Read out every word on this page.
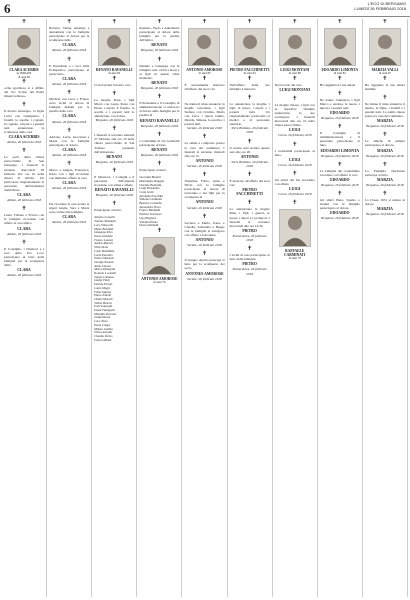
6	L'ECO DI BERGAMO
LUNEDÌ 26 FEBBRAIO 2018
✝
CLARA ACERBIS
in INDIANI
di anni 82
✝
«Che sgorbioso si è afflitto dal ciò: Scritto del Padre misericordioso»
✝
Il marito Giuseppe, la figlia Lucia con Giampietro, i fratelli, le sorelle, i cognati, le cognate, i nipoti e i parenti tutti annunciano la scomparsa della cara
CLARA ACERBIS
Albino, 26 febbraio 2018
✝
Le parti della chiesa parrocchiale di San Giuseppe. I funerali si terranno mercoledì 28 febbraio alle ore 10 nella chiesa di Albino. Un particolare ringraziamento al personale dell'assistenza domiciliare.
CLARA
Albino, 26 febbraio 2018
✝
Luisa, Tiziano e Franca con le famiglie ricordano con affetto la cara amica
CLARA
Albino, 26 febbraio 2018
✝
Il Consiglio, i Direttori e i soci della Pro Loco partecipano al lutto della famiglia per la scomparsa della
CLARA
Albino, 26 febbraio 2018
✝
Roberto, Vanna, Amerigo e Annamaria con le famiglie partecipano al dolore per la scomparsa della
CLARA
Albino, 26 febbraio 2018
✝
Il Presidente e i soci della Polisportiva partecipano al grave lutto.
CLARA
Albino, 26 febbraio 2018
✝
Michele con Luca e Franco sono vicini al dolore di famiglia Indiani per la perdita della cara
CLARA
Albino, 26 febbraio 2018
✝
Adriano, Lucia, Giovanna e Maria con le famiglie partecipano al dolore.
CLARA
Albino, 26 febbraio 2018
✝
Marco e Angela, Francesca, Paolo con i figli ricordano con immenso affetto la cara
CLARA
Albino, 26 febbraio 2018
✝
Per ricordare la cara nonna le nipoti Giulia, Sara e Marta sono vicine alla famiglia.
CLARA
Albino, 26 febbraio 2018
✝
RENATO RAVANELLI
di anni 82
✝
Ci ha lasciati il nostro caro
✝
La moglie Rosa, i figli Marco con Laura, Paolo con Elena, i nipoti, il fratello, la sorella e i parenti tutti lo annunciano con dolore.
Bergamo, 26 febbraio 2018
✝
I funerali si terranno martedì 27 febbraio alle ore 10 nella chiesa parrocchiale di San Tomaso partendo dall'abitazione.
RENATO
Bergamo, 26 febbraio 2018
✝
Il Direttore, i Colleghi e il personale dell'azienda ricordano con stima e affetto
RENATO RAVANELLI
Bergamo, 26 febbraio 2018
✝
Partecipano al lutto:
Alberto Cornelli
Stefano Mandelli
Luca Valsecchi
Mario Bonfanti
Giuseppe Riva
Paolo Ghisleni
Franco Lazzari
Andrea Bertoli
Silvia Rota
Carlo Brembilla
Lucia Pezzotta
Enrico Mazzola
Giorgio Pesenti
Anna Carrara
Marco Pellegrini
Roberto Locatelli
Sergio Cattaneo
Giulia Vitali
Davide Ferrari
Laura Magri
Fabio Signori
Pietro Zanchi
Chiara Moretti
Walter Belotti
Ivan Sonzogni
Elena Fumagalli
Massimo Ravasio
Gianni Rossi
Luca Testa
Paola Crippa
Matteo Gamba
Silvio Arnoldi
Claudio Perico
Franca Milesi
✝
Romano, Paola e Annamaria partecipano al dolore della famiglia per la perdita dell'amico
RENATO
Bergamo, 26 febbraio 2018
✝
Daniela e Giuseppe con la famiglia sono vicini a Rosa e ai figli in questo triste momento.
RENATO
Bergamo, 26 febbraio 2018
✝
Il Presidente e il Consiglio di amministrazione si uniscono al dolore della famiglia per la perdita di
RENATO RAVANELLI
Bergamo, 26 febbraio 2018
✝
I condomini di via Garibaldi partecipano al lutto.
RENATO
Bergamo, 26 febbraio 2018
✝
Partecipano al lutto:
Giovanni Bonetti
Mariangela Ruggeri
Osvaldo Beltrami
Luigi Pizzaballa
Carla Gritti
Antonella Facchini
Simone Carminati
Beatrice Colombo
Alessandro Nava
Franco Bettinelli
Patrizia Vavassori
Ugo Brignoli
Stefania Pirola
Dario Zambelli
✝
ANTONIO AMOROSE
di anni 79
✝
ANTONIO AMOROSE
di anni 80
✝
È serenamente mancato all'affetto dei suoi cari
✝
Ne danno il triste annuncio la moglie Giovanna, i figli Stefano con Cristina, Maria con Luca, i nipoti Giulia, Davide, Simone, la sorella e i parenti tutti.
Seriate, 26 febbraio 2018
✝
La salma è composta presso la casa del commiato. I funerali si terranno martedì alle ore 15.
ANTONIO
Seriate, 26 febbraio 2018
✝
Valentina, Fabio, Anna e Silvia con le famiglie partecipano al dolore di Giovanna e dei figli per la scomparsa di
ANTONIO
Seriate, 26 febbraio 2018
✝
Luciano e Maria, Ivano e Claudia, Antonella e Beppe con le famiglie si stringono con affetto a Giovanna.
ANTONIO
Seriate, 26 febbraio 2018
✝
Il Gruppo Alpini partecipa al lutto per la scomparsa del socio
ANTONIO AMOROSE
Seriate, 26 febbraio 2018
✝
PIETRO FACCHINETTI
di anni 84
✝
Nell'affetto della sua famiglia è mancato
✝
Lo annunciano la moglie, i figli, le nuore, i nipoti e i parenti tutti. Un ringraziamento particolare ai medici e al personale sanitario.
Torre Boldone, 26 febbraio 2018
✝
Il rosario sarà recitato questa sera alle ore 20.
ANTONIO
Torre Boldone, 26 febbraio 2018
✝
È mancato all'affetto dei suoi cari
PIETRO FACCHINETTI
✝
Lo annunciano la moglie Rina, i figli, i generi, le nuore, i nipoti e i pronipoti. I funerali si terranno mercoledì alle ore 14.30.
PIETRO
Ponteranica, 26 febbraio 2018
✝
I vicini di casa partecipano al lutto della famiglia.
PIETRO
Ponteranica, 26 febbraio 2018
✝
LUIGI MONTANI
di anni 88
✝
Nel ricordo del caro
LUIGI MONTANI
✝
La moglie Teresa, i figli con le rispettive famiglie annunciano la sua scomparsa. I funerali mercoledì alle ore 10 nella chiesa parrocchiale.
LUIGI
Curno, 26 febbraio 2018
✝
I condomini partecipano al lutto.
LUIGI
Curno, 26 febbraio 2018
✝
Gli amici del bar ricordano con affetto
LUIGI
Curno, 26 febbraio 2018
✝
RAFFAELE CARMINATI
di anni 78
✝
EDOARDO LIMONTA
di anni 84
✝
Ha raggiunto la sua amata
✝
Ne danno l'annuncio i figli Marco e Andrea, le nuore, i nipoti e i parenti tutti.
EDOARDO
Bergamo, 26 febbraio 2018
✝
Il Consiglio di Amministrazione e il personale partecipano al lutto.
EDOARDO LIMONTA
Bergamo, 26 febbraio 2018
✝
Le famiglie del condominio ricordano con affetto il caro
EDOARDO
Bergamo, 26 febbraio 2018
✝
Gli amici Piero, Sandro e Gianni con le famiglie partecipano al dolore.
EDOARDO
Bergamo, 26 febbraio 2018
✝
MARZIA VALLI
di anni 67
✝
Ha raggiunto la sua amata mamma
✝
Ne danno il triste annuncio il marito, le figlie, i fratelli e i parenti tutti. La salma riposa presso la casa del commiato.
MARZIA
Bergamo, 26 febbraio 2018
✝
Le amiche di sempre partecipano al dolore.
MARZIA
Bergamo, 26 febbraio 2018
✝
La Famiglia Nazionale partecipa al lutto.
MARZIA
Bergamo, 26 febbraio 2018
✝
La Classe 1951 si unisce al dolore.
MARZIA
Bergamo, 26 febbraio 2018
